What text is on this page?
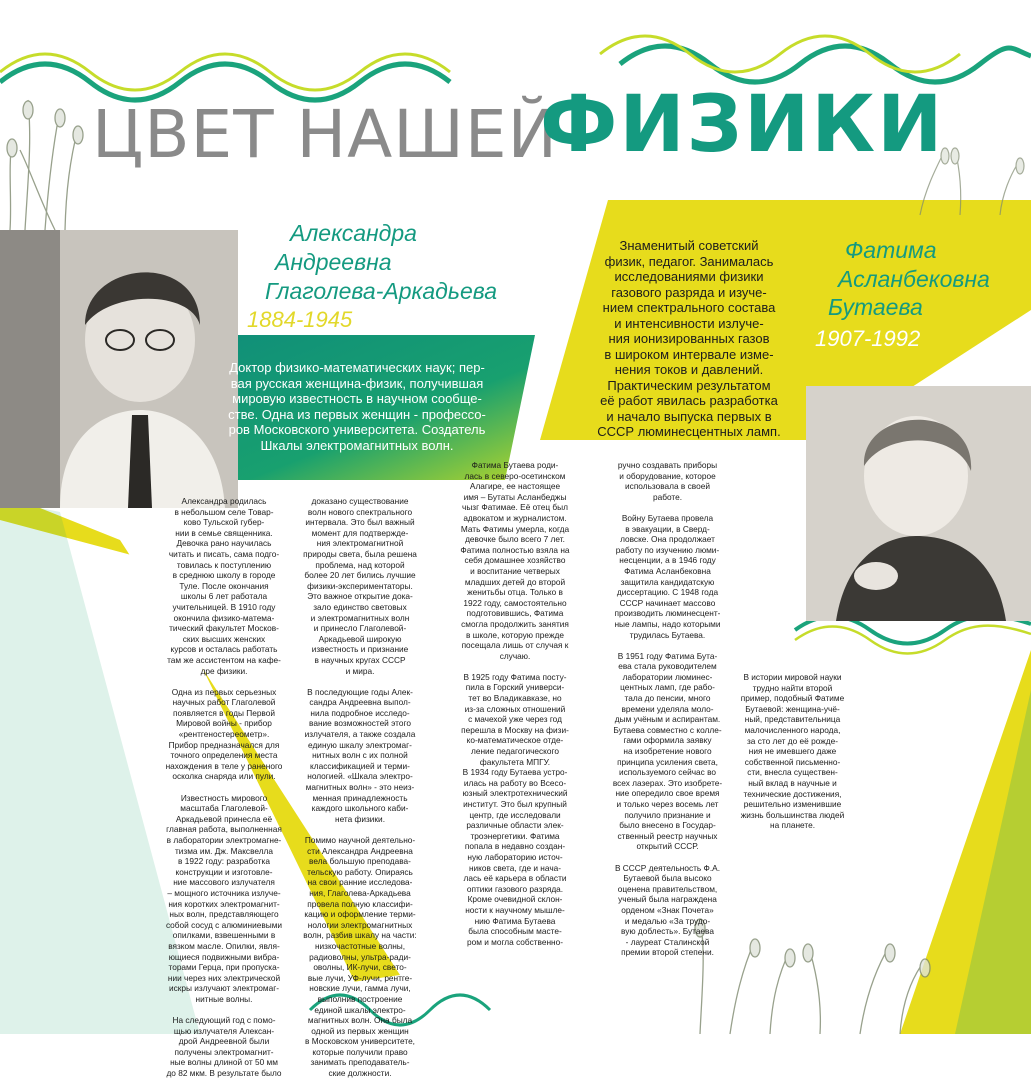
ЦВЕТ НАШЕЙ
ФИЗИКИ
Александра
Андреевна
Глаголева-Аркадьева
1884-1945
Доктор физико-математических наук; пер-
вая русская женщина-физик, получившая
мировую известность в научном сообще-
стве. Одна из первых женщин - профессо-
ров Московского университета. Создатель
Шкалы электромагнитных волн.
Знаменитый советский
физик, педагог. Занималась
исследованиями физики
газового разряда и изуче-
нием спектрального состава
и интенсивности излуче-
ния ионизированных газов
в широком интервале изме-
нения токов и давлений.
Практическим результатом
её работ явилась разработка
и начало выпуска первых в
СССР люминесцентных ламп.
Фатима
Асланбековна
Бутаева
1907-1992
Александра родилась
в небольшом селе Товар-
ково Тульской губер-
нии в семье священника.
Девочка рано научилась
читать и писать, сама подго-
товилась к поступлению
в среднюю школу в городе
Туле. После окончания
школы 6 лет работала
учительницей. В 1910 году
окончила физико-матема-
тический факультет Москов-
ских высших женских
курсов и осталась работать
там же ассистентом на кафе-
дре физики.

Одна из первых серьезных
научных работ Глаголевой
появляется в годы Первой
Мировой войны - прибор
«рентгеностереометр».
Прибор предназначался для
точного определения места
нахождения в теле у раненого
осколка снаряда или пули.

Известность мирового
масштаба Глаголевой-
Аркадьевой принесла её
главная работа, выполненная
в лаборатории электромагне-
тизма им. Дж. Максвелла
в 1922 году: разработка
конструкции и изготовле-
ние массового излучателя
– мощного источника излуче-
ния коротких электромагнит-
ных волн, представляющего
собой сосуд с алюминиевыми
опилками, взвешенными в
вязком масле. Опилки, явля-
ющиеся подвижными вибра-
торами Герца, при пропуска-
нии через них электрической
искры излучают электромаг-
нитные волны.

На следующий год с помо-
щью излучателя Алексан-
дрой Андреевной были
получены электромагнит-
ные волны длиной от 50 мм
до 82 мкм. В результате было
доказано существование
волн нового спектрального
интервала. Это был важный
момент для подтвержде-
ния электромагнитной
природы света, была решена
проблема, над которой
более 20 лет бились лучшие
физики-экспериментаторы.
Это важное открытие дока-
зало единство световых
и электромагнитных волн
и принесло Глаголевой-
Аркадьевой широкую
известность и признание
в научных кругах СССР
и мира.

В последующие годы Алек-
сандра Андреевна выпол-
нила подробное исследо-
вание возможностей этого
излучателя, а также создала
единую шкалу электромаг-
нитных волн с их полной
классификацией и терми-
нологией. «Шкала электро-
магнитных волн» - это неиз-
менная принадлежность
каждого школьного каби-
нета физики.

Помимо научной деятельно-
сти Александра Андреевна
вела большую преподава-
тельскую работу. Опираясь
на свои ранние исследова-
ния, Глаголева-Аркадьева
провела полную классифи-
кацию и оформление терми-
нологии электромагнитных
волн, разбив шкалу на части:
низкочастотные волны,
радиоволны, ультра-ради-
оволны, ИК-лучи, свето-
вые лучи, УФ-лучи, рентге-
новские лучи, гамма лучи,
выполнив построение
единой шкалы электро-
магнитных волн. Она была
одной из первых женщин
в Московском университете,
которые получили право
занимать преподаватель-
ские должности.
Фатима Бутаева роди-
лась в северо-осетинском
Алагире, ее настоящее
имя – Бутаты Асланбеджы
чызг Фатимае. Её отец был
адвокатом и журналистом.
Мать Фатимы умерла, когда
девочке было всего 7 лет.
Фатима полностью взяла на
себя домашнее хозяйство
и воспитание четверых
младших детей до второй
женитьбы отца. Только в
1922 году, самостоятельно
подготовившись, Фатима
смогла продолжить занятия
в школе, которую прежде
посещала лишь от случая к
случаю.

В 1925 году Фатима посту-
пила в Горский универси-
тет во Владикавказе, но
из-за сложных отношений
с мачехой уже через год
перешла в Москву на физи-
ко-математическое отде-
ление педагогического
факультета МПГУ.
В 1934 году Бутаева устро-
илась на работу во Всесо-
юзный электротехнический
институт. Это был крупный
центр, где исследовали
различные области элек-
троэнергетики. Фатима
попала в недавно создан-
ную лабораторию источ-
ников света, где и нача-
лась её карьера в области
оптики газового разряда.
Кроме очевидной склон-
ности к научному мышле-
нию Фатима Бутаева
была способным масте-
ром и могла собственно-
ручно создавать приборы
и оборудование, которое
использовала в своей
работе.

Войну Бутаева провела
в эвакуации, в Сверд-
ловске. Она продолжает
работу по изучению люми-
несценции, а в 1946 году
Фатима Асланбековна
защитила кандидатскую
диссертацию. С 1948 года
СССР начинает массово
производить люминесцент-
ные лампы, надо которыми
трудилась Бутаева.

В 1951 году Фатима Бута-
ева стала руководителем
лаборатории люминес-
центных ламп, где рабо-
тала до пенсии, много
времени уделяла моло-
дым учёным и аспирантам.
Бутаева совместно с колле-
гами оформила заявку
на изобретение нового
принципа усиления света,
используемого сейчас во
всех лазерах. Это изобрете-
ние опередило свое время
и только через восемь лет
получило признание и
было внесено в Государ-
ственный реестр научных
открытий СССР.

В СССР деятельность Ф.А.
Бутаевой была высоко
оценена правительством,
ученый была награждена
орденом «Знак Почета»
и медалью «За трудо-
вую доблесть». Бутаева
- лауреат Сталинской
премии второй степени.
В истории мировой науки
трудно найти второй
пример, подобный Фатиме
Бутаевой: женщина-учё-
ный, представительница
малочисленного народа,
за сто лет до её рожде-
ния не имевшего даже
собственной письменно-
сти, внесла существен-
ный вклад в научные и
технические достижения,
решительно изменившие
жизнь большинства людей
на планете.
